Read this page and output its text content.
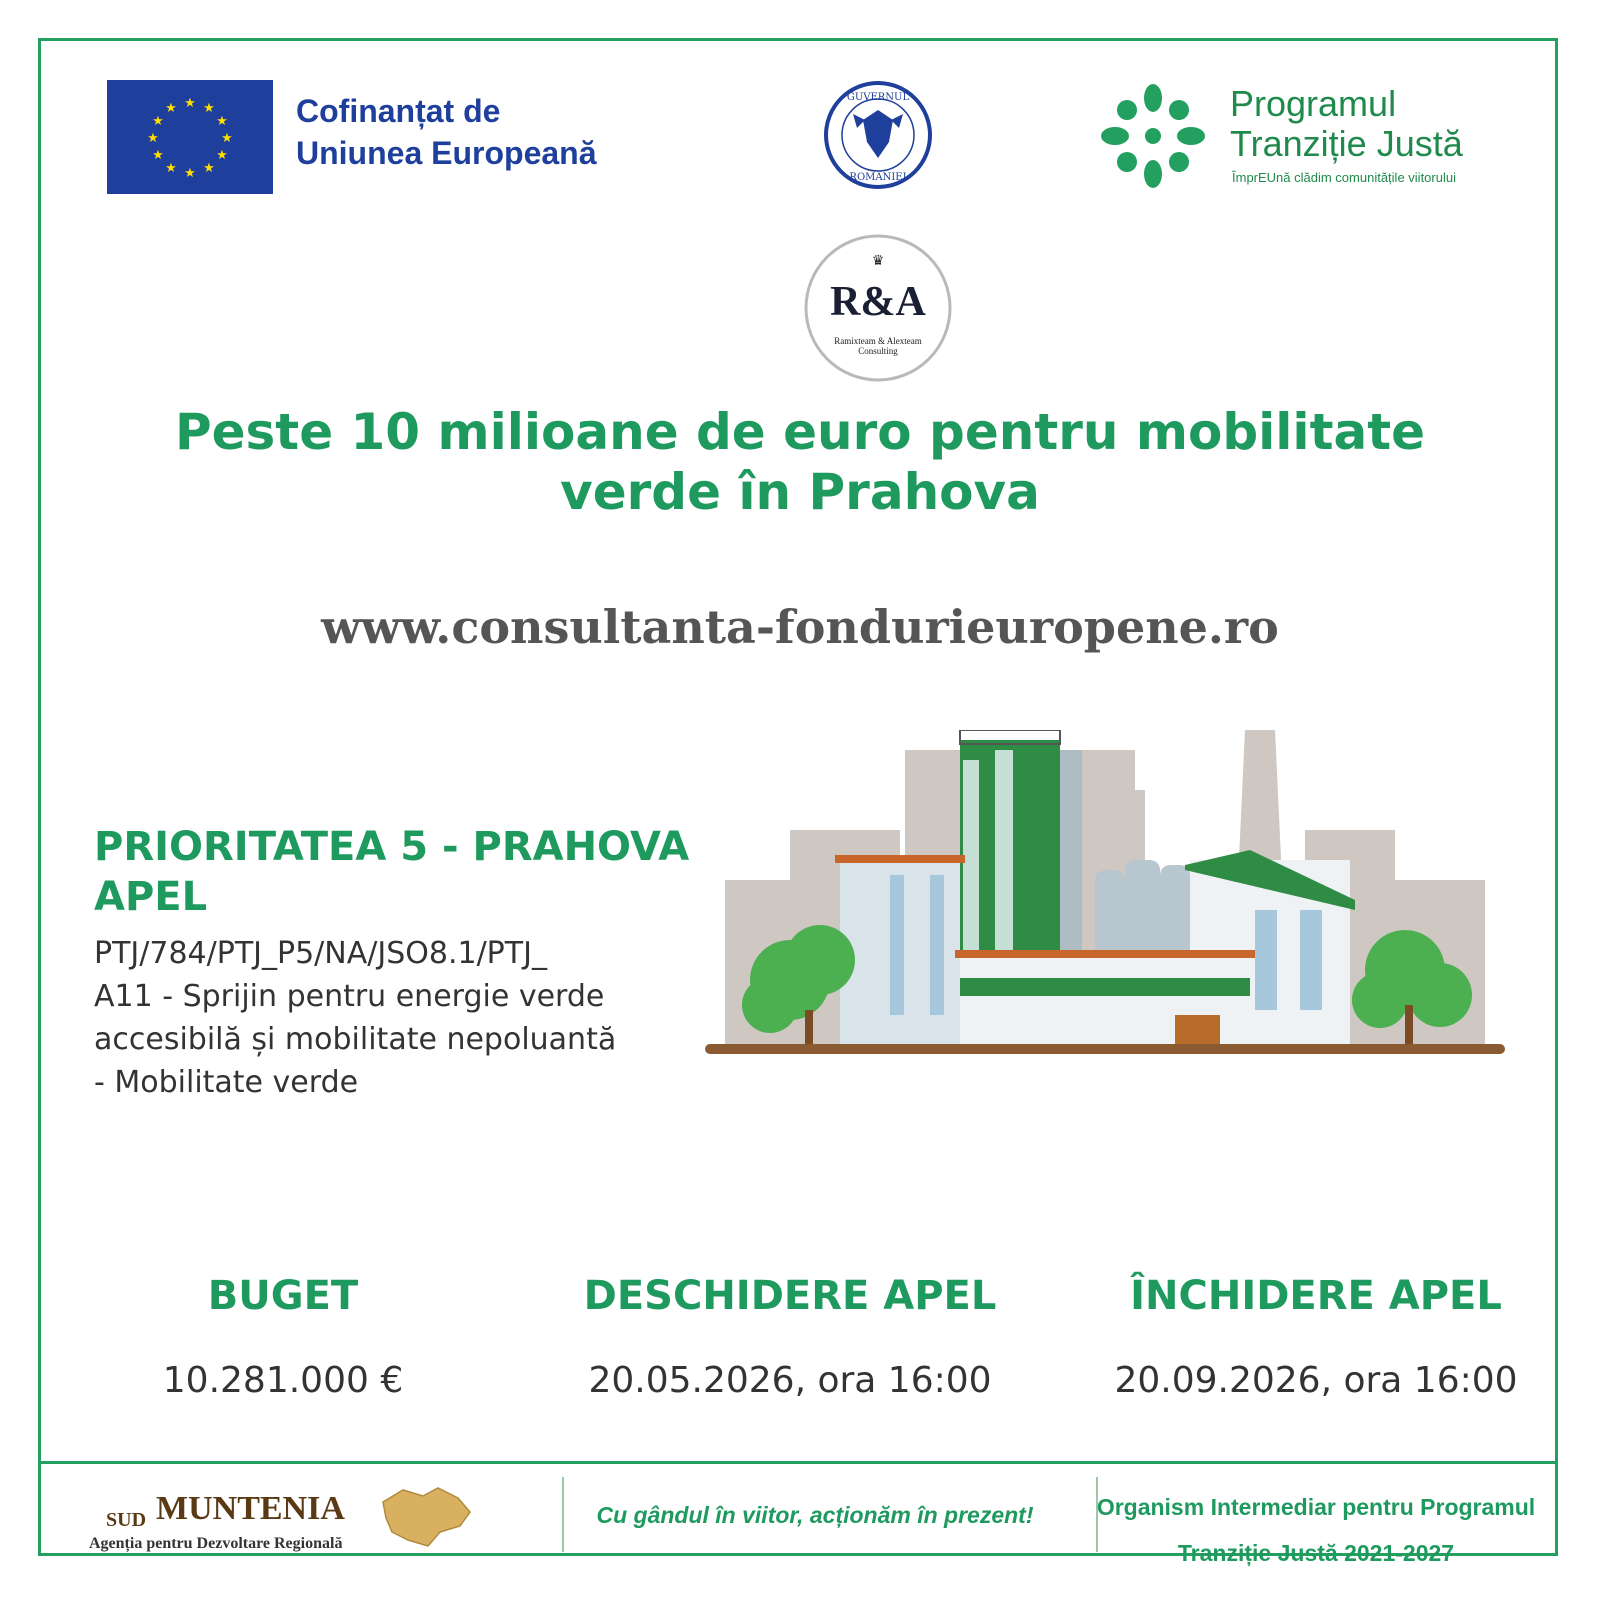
★ ★
★
★
★
★
★
★
★
★
★
★	Cofinanțat de
Uniunea Europeană
GUVERNUL
ROMÂNIEI
Programul
Tranziție Justă
ÎmprEUnă clădim comunitățile viitorului
♛
R&A
Ramixteam & Alexteam Consulting
Peste 10 milioane de euro pentru mobilitate
verde în Prahova
www.consultanta-fondurieuropene.ro
PRIORITATEA 5 - PRAHOVA
APEL
PTJ/784/PTJ_P5/NA/JSO8.1/PTJ_
A11 - Sprijin pentru energie verde
accesibilă și mobilitate nepoluantă
- Mobilitate verde
BUGET
10.281.000 €
DESCHIDERE APEL
20.05.2026, ora 16:00
ÎNCHIDERE APEL
20.09.2026, ora 16:00
SUD MUNTENIA
Agenția pentru Dezvoltare Regională
Cu gândul în viitor, acționăm în prezent!	Organism Intermediar pentru Programul
Tranziție Justă 2021-2027
